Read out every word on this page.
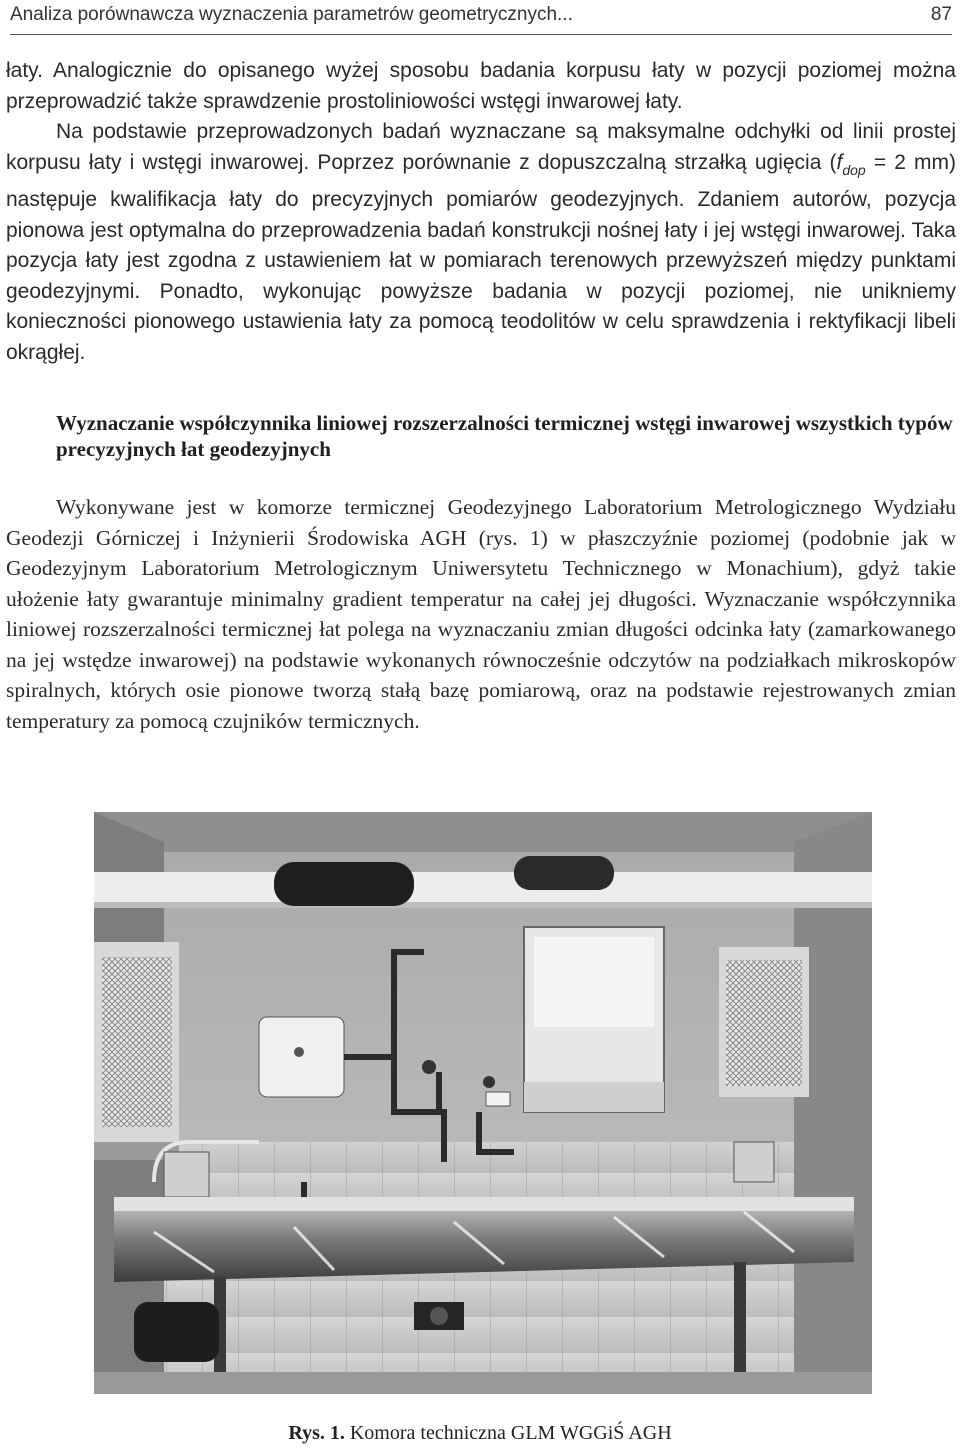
Analiza porównawcza wyznaczenia parametrów geometrycznych...	87

łaty. Analogicznie do opisanego wyżej sposobu badania korpusu łaty w pozycji poziomej można przeprowadzić także sprawdzenie prostoliniowości wstęgi inwarowej łaty.
Na podstawie przeprowadzonych badań wyznaczane są maksymalne odchyłki od linii prostej korpusu łaty i wstęgi inwarowej. Poprzez porównanie z dopuszczalną strzałką ugięcia ($f_{dop} = 2$ mm) następuje kwalifikacja łaty do precyzyjnych pomiarów geodezyjnych. Zdaniem autorów, pozycja pionowa jest optymalna do przeprowadzenia badań konstrukcji nośnej łaty i jej wstęgi inwarowej. Taka pozycja łaty jest zgodna z ustawieniem łat w pomiarach terenowych przewyższeń między punktami geodezyjnymi. Ponadto, wykonując powyższe badania w pozycji poziomej, nie unikniemy konieczności pionowego ustawienia łaty za pomocą teodolitów w celu sprawdzenia i rektyfikacji libeli okrągłej.

Wyznaczanie współczynnika liniowej rozszerzalności termicznej wstęgi inwarowej wszystkich typów precyzyjnych łat geodezyjnych

Wykonywane jest w komorze termicznej Geodezyjnego Laboratorium Metrologicznego Wydziału Geodezji Górniczej i Inżynierii Środowiska AGH (rys. 1) w płaszczyźnie poziomej (podobnie jak w Geodezyjnym Laboratorium Metrologicznym Uniwersytetu Technicznego w Monachium), gdyż takie ułożenie łaty gwarantuje minimalny gradient temperatur na całej jej długości. Wyznaczanie współczynnika liniowej rozszerzalności termicznej łat polega na wyznaczaniu zmian długości odcinka łaty (zamarkowanego na jej wstędze inwarowej) na podstawie wykonanych równocześnie odczytów na podziałkach mikroskopów spiralnych, których osie pionowe tworzą stałą bazę pomiarową, oraz na podstawie rejestrowanych zmian temperatury za pomocą czujników termicznych.

Rys. 1. Komora techniczna GLM WGGiŚ AGH
